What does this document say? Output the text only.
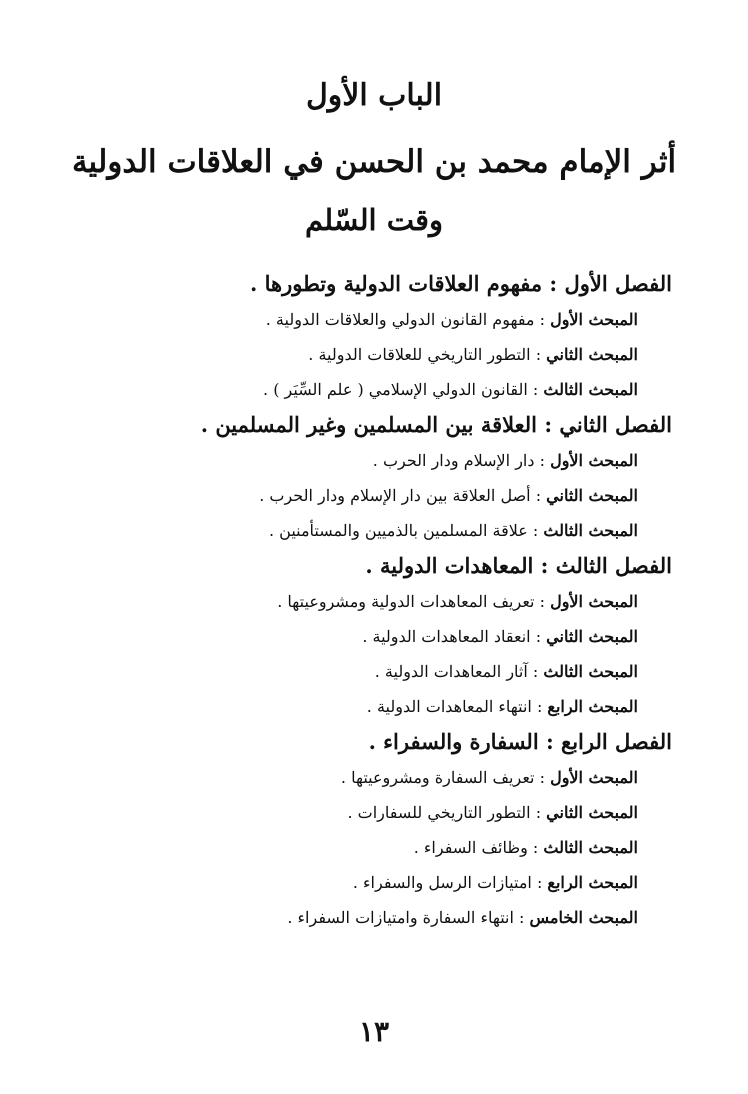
الباب الأول
أثر الإمام محمد بن الحسن في العلاقات الدولية
وقت السّلم
الفصل الأول : مفهوم العلاقات الدولية وتطورها .
المبحث الأول : مفهوم القانون الدولي والعلاقات الدولية .
المبحث الثاني : التطور التاريخي للعلاقات الدولية .
المبحث الثالث : القانون الدولي الإسلامي ( علم السِّيَر ) .
الفصل الثاني : العلاقة بين المسلمين وغير المسلمين .
المبحث الأول : دار الإسلام ودار الحرب .
المبحث الثاني : أصل العلاقة بين دار الإسلام ودار الحرب .
المبحث الثالث : علاقة المسلمين بالذميين والمستأمنين .
الفصل الثالث : المعاهدات الدولية .
المبحث الأول : تعريف المعاهدات الدولية ومشروعيتها .
المبحث الثاني : انعقاد المعاهدات الدولية .
المبحث الثالث : آثار المعاهدات الدولية .
المبحث الرابع : انتهاء المعاهدات الدولية .
الفصل الرابع : السفارة والسفراء .
المبحث الأول : تعريف السفارة ومشروعيتها .
المبحث الثاني : التطور التاريخي للسفارات .
المبحث الثالث : وظائف السفراء .
المبحث الرابع : امتيازات الرسل والسفراء .
المبحث الخامس : انتهاء السفارة وامتيازات السفراء .
١٣
